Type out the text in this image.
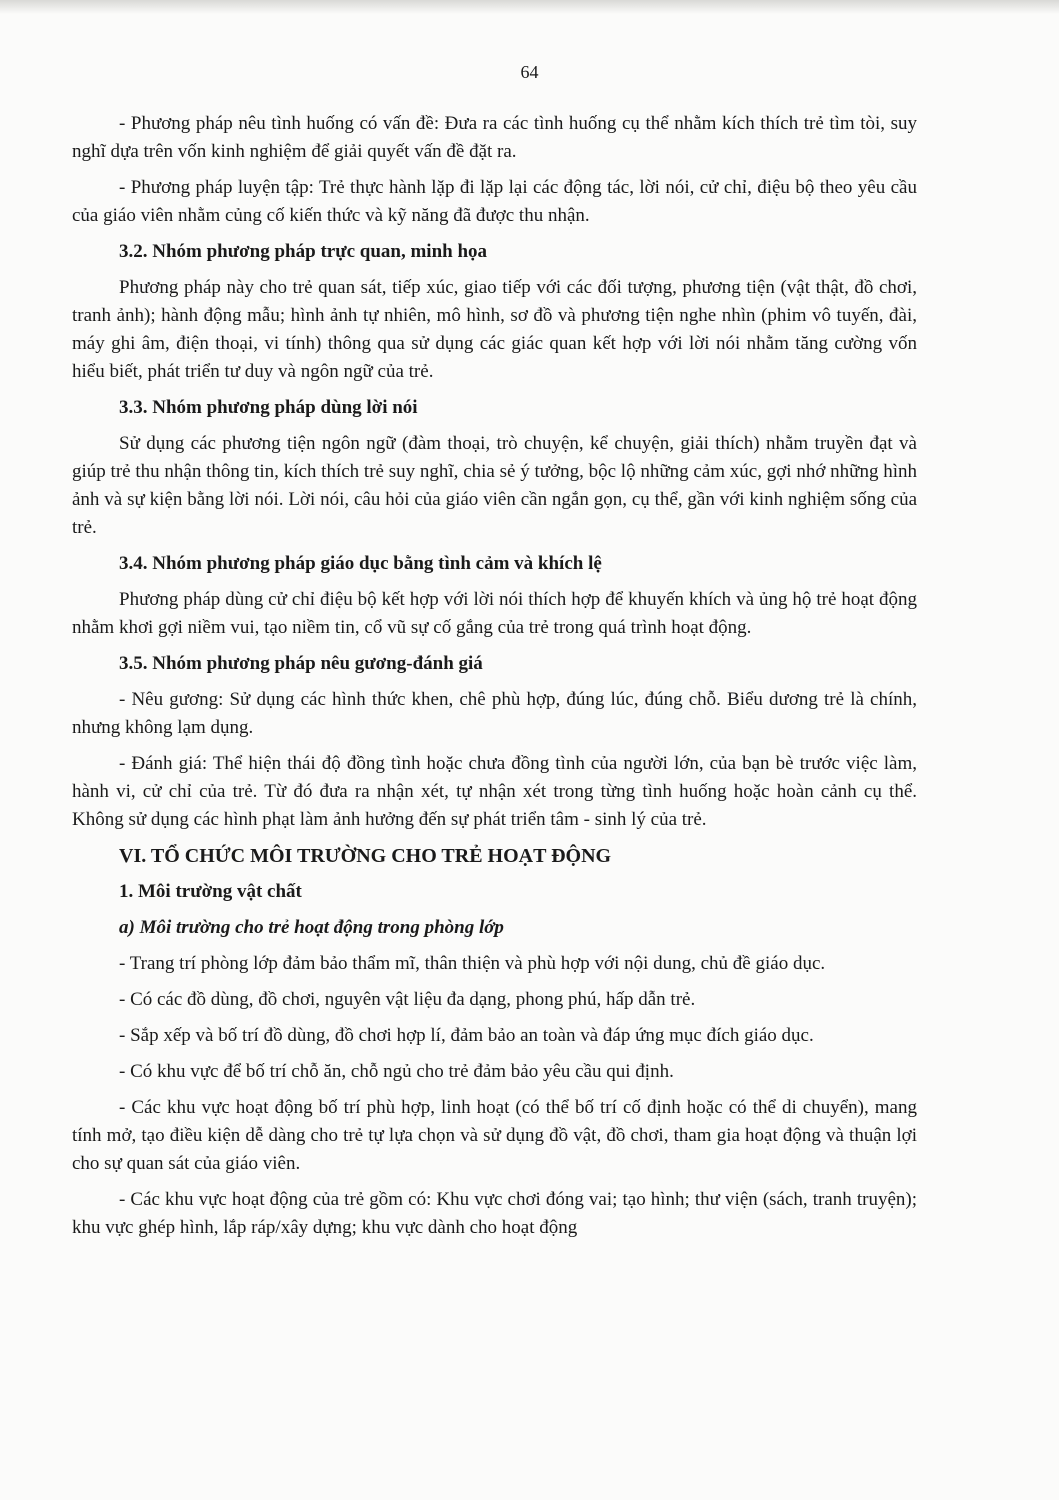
64
- Phương pháp nêu tình huống có vấn đề: Đưa ra các tình huống cụ thể nhằm kích thích trẻ tìm tòi, suy nghĩ dựa trên vốn kinh nghiệm để giải quyết vấn đề đặt ra.
- Phương pháp luyện tập: Trẻ thực hành lặp đi lặp lại các động tác, lời nói, cử chỉ, điệu bộ theo yêu cầu của giáo viên nhằm củng cố kiến thức và kỹ năng đã được thu nhận.
3.2. Nhóm phương pháp trực quan, minh họa
Phương pháp này cho trẻ quan sát, tiếp xúc, giao tiếp với các đối tượng, phương tiện (vật thật, đồ chơi, tranh ảnh); hành động mẫu; hình ảnh tự nhiên, mô hình, sơ đồ và phương tiện nghe nhìn (phim vô tuyến, đài, máy ghi âm, điện thoại, vi tính) thông qua sử dụng các giác quan kết hợp với lời nói nhằm tăng cường vốn hiểu biết, phát triển tư duy và ngôn ngữ của trẻ.
3.3. Nhóm phương pháp dùng lời nói
Sử dụng các phương tiện ngôn ngữ (đàm thoại, trò chuyện, kể chuyện, giải thích) nhằm truyền đạt và giúp trẻ thu nhận thông tin, kích thích trẻ suy nghĩ, chia sẻ ý tưởng, bộc lộ những cảm xúc, gợi nhớ những hình ảnh và sự kiện bằng lời nói. Lời nói, câu hỏi của giáo viên cần ngắn gọn, cụ thể, gần với kinh nghiệm sống của trẻ.
3.4. Nhóm phương pháp giáo dục bằng tình cảm và khích lệ
Phương pháp dùng cử chỉ điệu bộ kết hợp với lời nói thích hợp để khuyến khích và ủng hộ trẻ hoạt động nhằm khơi gợi niềm vui, tạo niềm tin, cổ vũ sự cố gắng của trẻ trong quá trình hoạt động.
3.5. Nhóm phương pháp nêu gương-đánh giá
- Nêu gương: Sử dụng các hình thức khen, chê phù hợp, đúng lúc, đúng chỗ. Biểu dương trẻ là chính, nhưng không lạm dụng.
- Đánh giá: Thể hiện thái độ đồng tình hoặc chưa đồng tình của người lớn, của bạn bè trước việc làm, hành vi, cử chỉ của trẻ. Từ đó đưa ra nhận xét, tự nhận xét trong từng tình huống hoặc hoàn cảnh cụ thể. Không sử dụng các hình phạt làm ảnh hưởng đến sự phát triển tâm - sinh lý của trẻ.
VI. TỔ CHỨC MÔI TRƯỜNG CHO TRẺ HOẠT ĐỘNG
1. Môi trường vật chất
a) Môi trường cho trẻ hoạt động trong phòng lớp
- Trang trí phòng lớp đảm bảo thẩm mĩ, thân thiện và phù hợp với nội dung, chủ đề giáo dục.
- Có các đồ dùng, đồ chơi, nguyên vật liệu đa dạng, phong phú, hấp dẫn trẻ.
- Sắp xếp và bố trí đồ dùng, đồ chơi hợp lí, đảm bảo an toàn và đáp ứng mục đích giáo dục.
- Có khu vực để bố trí chỗ ăn, chỗ ngủ cho trẻ đảm bảo yêu cầu qui định.
- Các khu vực hoạt động bố trí phù hợp, linh hoạt (có thể bố trí cố định hoặc có thể di chuyển), mang tính mở, tạo điều kiện dễ dàng cho trẻ tự lựa chọn và sử dụng đồ vật, đồ chơi, tham gia hoạt động và thuận lợi cho sự quan sát của giáo viên.
- Các khu vực hoạt động của trẻ gồm có: Khu vực chơi đóng vai; tạo hình; thư viện (sách, tranh truyện); khu vực ghép hình, lắp ráp/xây dựng; khu vực dành cho hoạt động
